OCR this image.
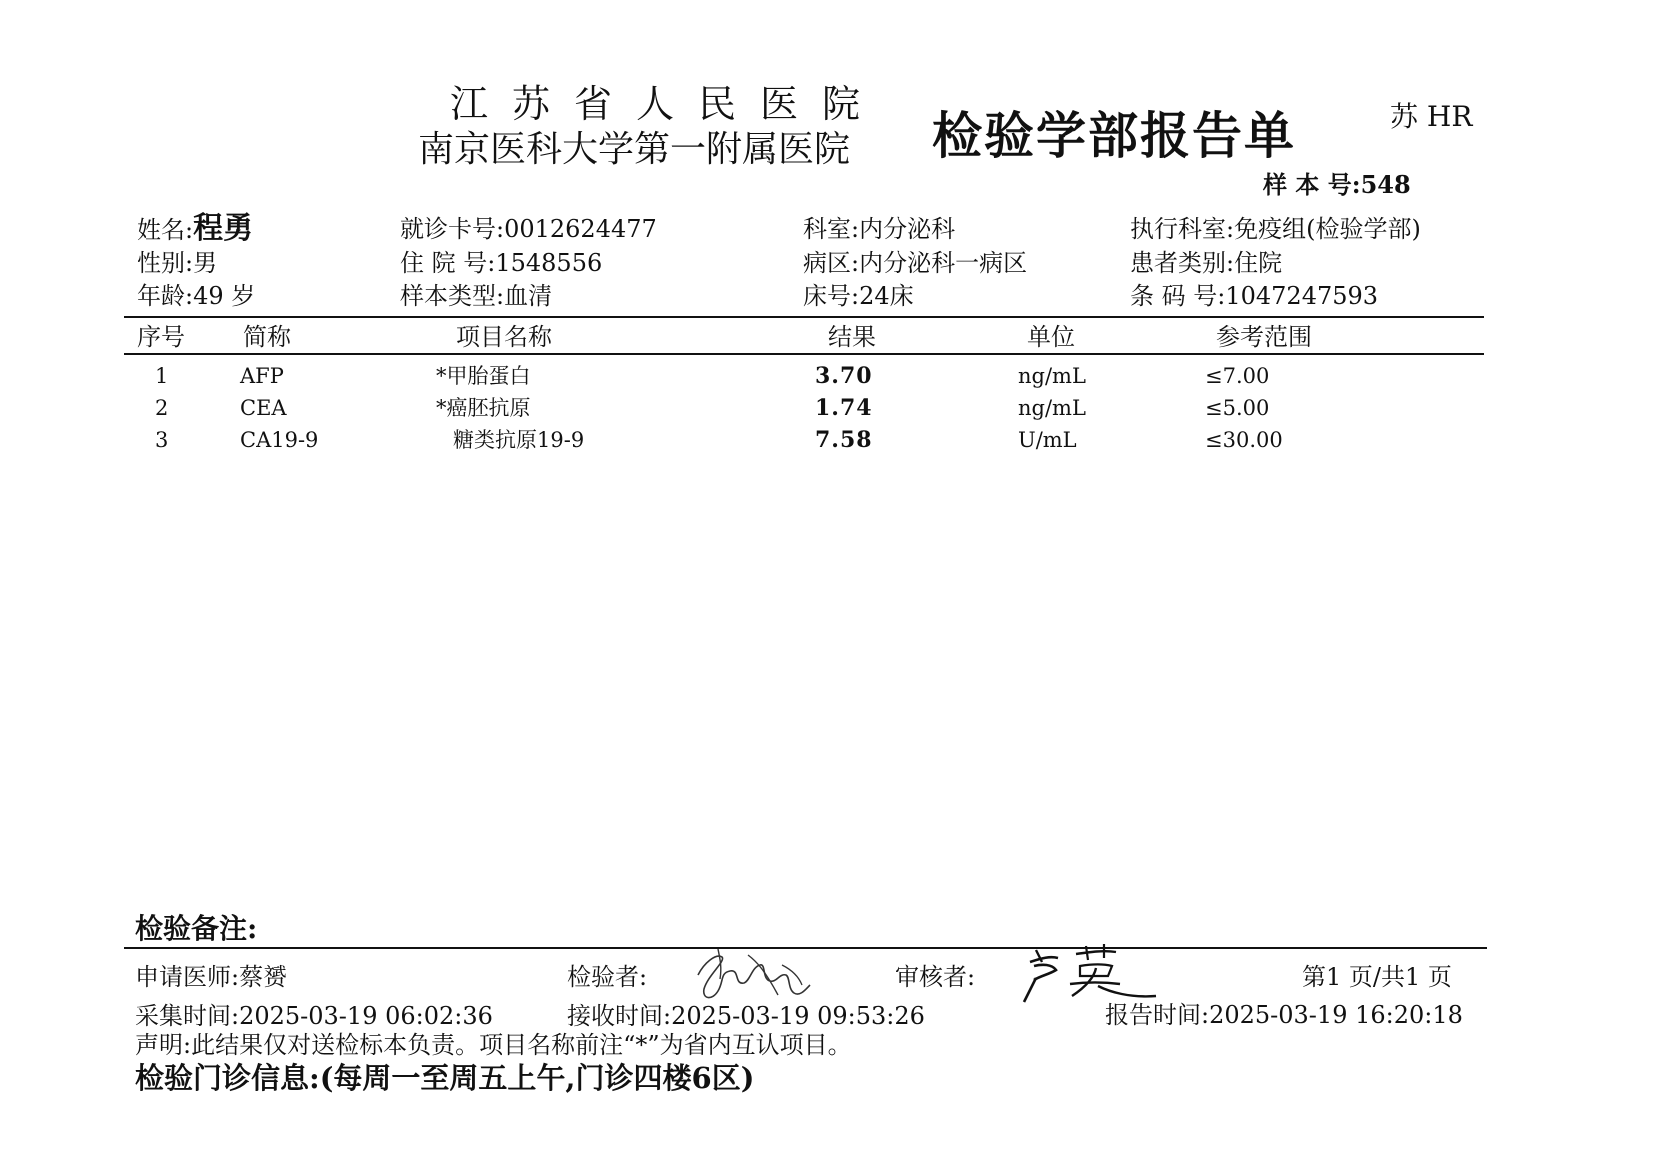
江苏省人民医院
南京医科大学第一附属医院 检验学部报告单	苏 HR
样 本 号:548
姓名:程勇
性别:男
年龄:49 岁
就诊卡号:0012624477
住 院 号:1548556
样本类型:血清
科室:内分泌科
病区:内分泌科一病区
床号:24床
执行科室:免疫组(检验学部)
患者类别:住院
条 码 号:1047247593
序号 简称	项目名称	结果	单位	参考范围
1	AFP	*甲胎蛋白	3.70	ng/mL	≤7.00
2	CEA	*癌胚抗原	1.74	ng/mL	≤5.00
3	CA19-9	糖类抗原19-9	7.58	U/mL	≤30.00
检验备注:
申请医师:蔡赟	检验者:	审核者:	第1 页/共1 页
采集时间:2025-03-19 06:02:36	接收时间:2025-03-19 09:53:26	报告时间:2025-03-19 16:20:18
声明:此结果仅对送检标本负责。项目名称前注“*”为省内互认项目。
检验门诊信息:(每周一至周五上午,门诊四楼6区)
